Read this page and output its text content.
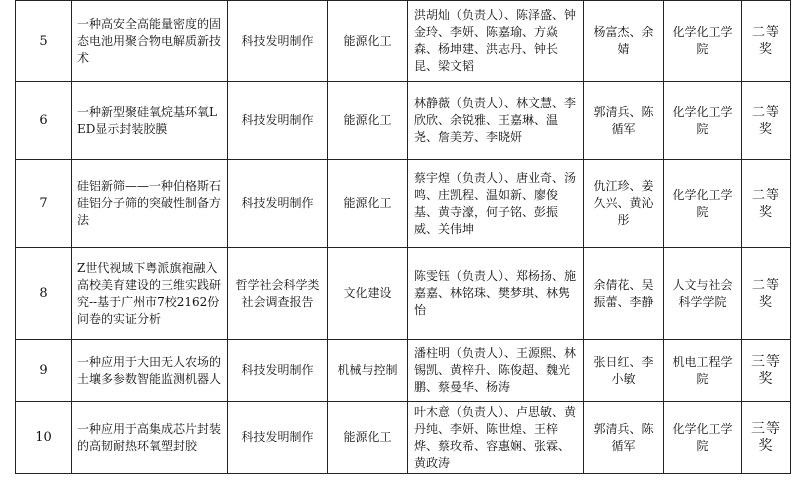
5	一种高安全高能量密度的固态电池用聚合物电解质新技术	科技发明制作	能源化工	洪胡灿（负责人）、陈泽盛、钟金玲、李妍、陈嘉瑜、方焱森、杨坤建、洪志丹、钟长昆、梁文韬	杨富杰、余婧	化学化工学院	二等奖
6	一种新型聚硅氧烷基环氧LED显示封装胶膜	科技发明制作	能源化工	林静薇（负责人）、林文慧、李欣欣、余锐雅、王嘉琳、温尧、詹美芳、李晓妍	郭清兵、陈循军	化学化工学院	二等奖
7	硅铝新筛——一种伯格斯石硅铝分子筛的突破性制备方法	科技发明制作	能源化工	蔡宇煌（负责人）、唐业奇、汤鸣、庄凯程、温如新、廖俊基、黄寺濠，何子铭、彭振威、关伟坤	仇江珍、姜久兴、黄沁彤	化学化工学院	二等奖
8	Z世代视域下粤派旗袍融入高校美育建设的三维实践研究--基于广州市7校2162份问卷的实证分析	哲学社会科学类社会调查报告	文化建设	陈雯钰（负责人）、郑杨扬、施嘉嘉、林铭珠、樊梦琪、林隽怡	余倩花、吴振蕾、李静	人文与社会科学学院	二等奖
9	一种应用于大田无人农场的土壤多参数智能监测机器人	科技发明制作	机械与控制	潘柱明（负责人）、王源熙、林锡凯、黄梓升、陈俊超、魏光鹏、蔡曼华、杨涛	张日红、李小敏	机电工程学院	三等奖
10	一种应用于高集成芯片封装的高韧耐热环氧塑封胶	科技发明制作	能源化工	叶木意（负责人）、卢思敏、黄丹纯、李妍、陈世煌、王梓烨、蔡玫希、容惠娴、张霖、黄政涛	郭清兵、陈循军	化学化工学院	三等奖
